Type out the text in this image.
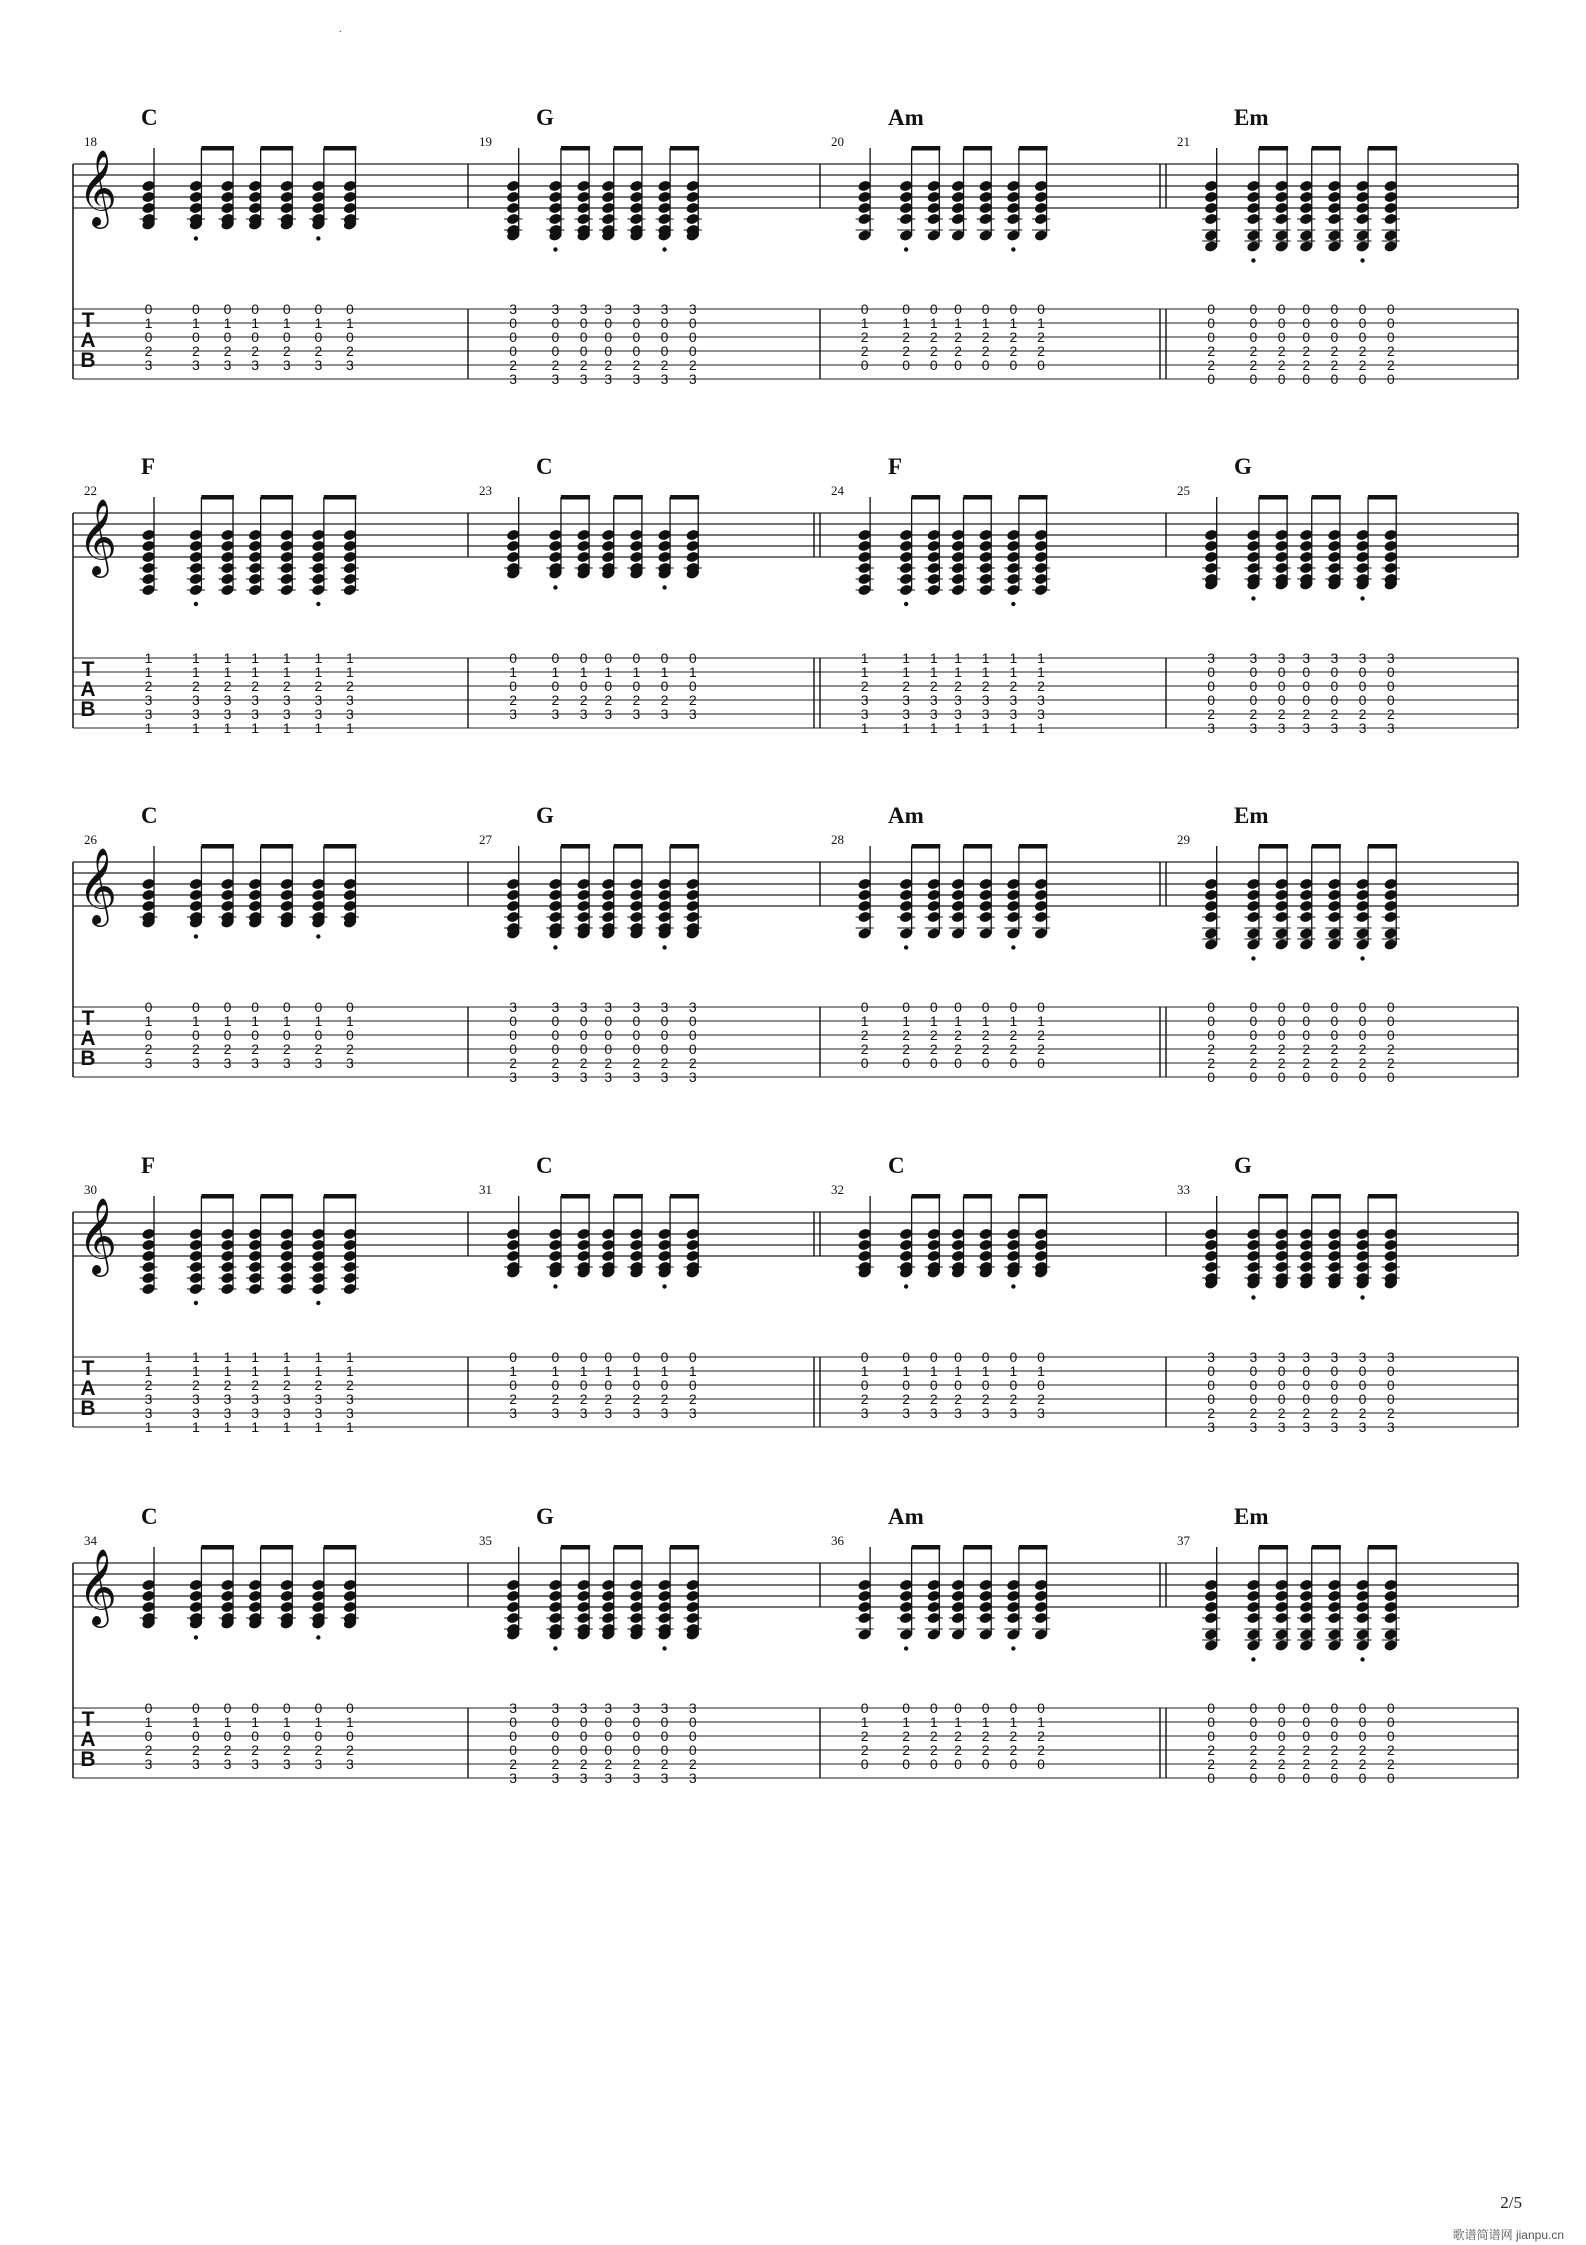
𝄞
T
A
B
18
C
0
1
0
2
3
0
1
0
2
3
0
1
0
2
3
0
1
0
2
3
0
1
0
2
3
0
1
0
2
3
0
1
0
2
3
19
G
3
0
0
0
2
3
3
0
0
0
2
3
3
0
0
0
2
3
3
0
0
0
2
3
3
0
0
0
2
3
3
0
0
0
2
3
3
0
0
0
2
3
20
Am
0
1
2
2
0
0
1
2
2
0
0
1
2
2
0
0
1
2
2
0
0
1
2
2
0
0
1
2
2
0
0
1
2
2
0
21
Em
0
0
0
2
2
0
0
0
0
2
2
0
0
0
0
2
2
0
0
0
0
2
2
0
0
0
0
2
2
0
0
0
0
2
2
0
0
0
0
2
2
0
𝄞
T
A
B
22
F
1
1
2
3
3
1
1
1
2
3
3
1
1
1
2
3
3
1
1
1
2
3
3
1
1
1
2
3
3
1
1
1
2
3
3
1
1
1
2
3
3
1
23
C
0
1
0
2
3
0
1
0
2
3
0
1
0
2
3
0
1
0
2
3
0
1
0
2
3
0
1
0
2
3
0
1
0
2
3
24
F
1
1
2
3
3
1
1
1
2
3
3
1
1
1
2
3
3
1
1
1
2
3
3
1
1
1
2
3
3
1
1
1
2
3
3
1
1
1
2
3
3
1
25
G
3
0
0
0
2
3
3
0
0
0
2
3
3
0
0
0
2
3
3
0
0
0
2
3
3
0
0
0
2
3
3
0
0
0
2
3
3
0
0
0
2
3
𝄞
T
A
B
26
C
0
1
0
2
3
0
1
0
2
3
0
1
0
2
3
0
1
0
2
3
0
1
0
2
3
0
1
0
2
3
0
1
0
2
3
27
G
3
0
0
0
2
3
3
0
0
0
2
3
3
0
0
0
2
3
3
0
0
0
2
3
3
0
0
0
2
3
3
0
0
0
2
3
3
0
0
0
2
3
28
Am
0
1
2
2
0
0
1
2
2
0
0
1
2
2
0
0
1
2
2
0
0
1
2
2
0
0
1
2
2
0
0
1
2
2
0
29
Em
0
0
0
2
2
0
0
0
0
2
2
0
0
0
0
2
2
0
0
0
0
2
2
0
0
0
0
2
2
0
0
0
0
2
2
0
0
0
0
2
2
0
𝄞
T
A
B
30
F
1
1
2
3
3
1
1
1
2
3
3
1
1
1
2
3
3
1
1
1
2
3
3
1
1
1
2
3
3
1
1
1
2
3
3
1
1
1
2
3
3
1
31
C
0
1
0
2
3
0
1
0
2
3
0
1
0
2
3
0
1
0
2
3
0
1
0
2
3
0
1
0
2
3
0
1
0
2
3
32
C
0
1
0
2
3
0
1
0
2
3
0
1
0
2
3
0
1
0
2
3
0
1
0
2
3
0
1
0
2
3
0
1
0
2
3
33
G
3
0
0
0
2
3
3
0
0
0
2
3
3
0
0
0
2
3
3
0
0
0
2
3
3
0
0
0
2
3
3
0
0
0
2
3
3
0
0
0
2
3
𝄞
T
A
B
34
C
0
1
0
2
3
0
1
0
2
3
0
1
0
2
3
0
1
0
2
3
0
1
0
2
3
0
1
0
2
3
0
1
0
2
3
35
G
3
0
0
0
2
3
3
0
0
0
2
3
3
0
0
0
2
3
3
0
0
0
2
3
3
0
0
0
2
3
3
0
0
0
2
3
3
0
0
0
2
3
36
Am
0
1
2
2
0
0
1
2
2
0
0
1
2
2
0
0
1
2
2
0
0
1
2
2
0
0
1
2
2
0
0
1
2
2
0
37
Em
0
0
0
2
2
0
0
0
0
2
2
0
0
0
0
2
2
0
0
0
0
2
2
0
0
0
0
2
2
0
0
0
0
2
2
0
0
0
0
2
2
0
.
2/5
歌谱简谱网 jianpu.cn
